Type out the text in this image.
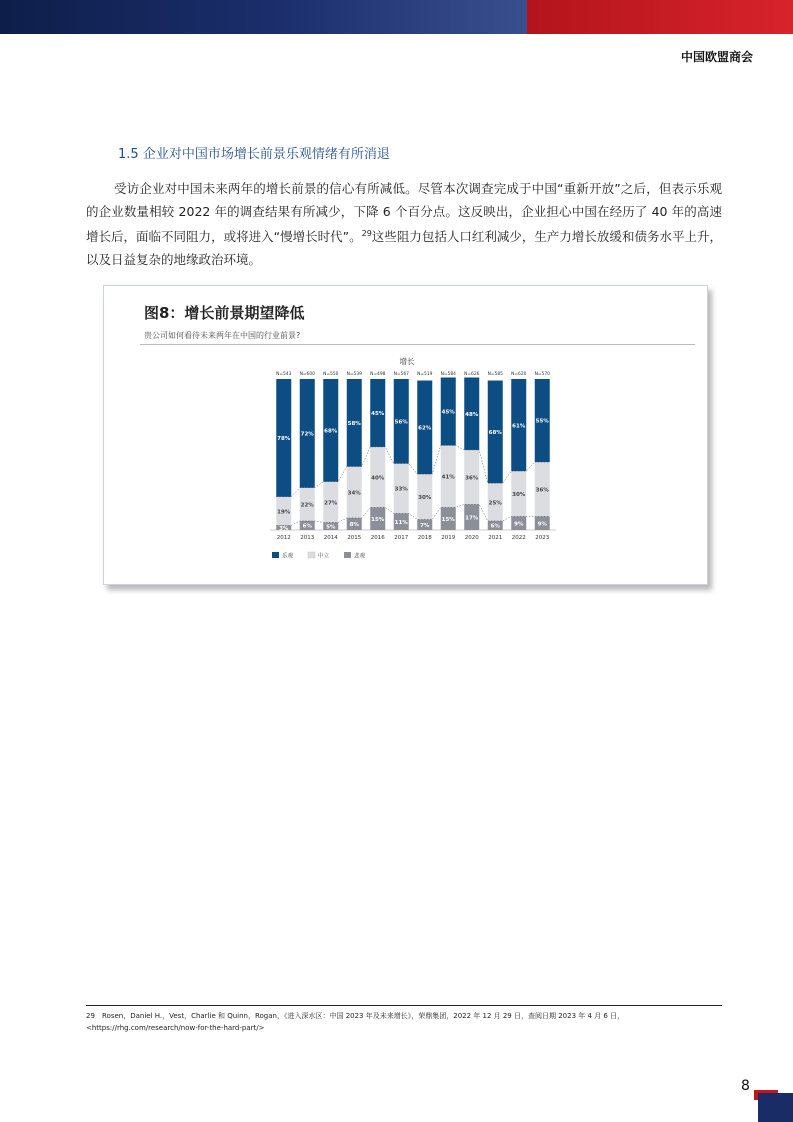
中国欧盟商会
1.5 企业对中国市场增长前景乐观情绪有所消退

受访企业对中国未来两年的增长前景的信心有所减低。尽管本次调查完成于中国“重新开放”之后，但表示乐观的企业数量相较 2022 年的调查结果有所减少，下降 6 个百分点。这反映出，企业担心中国在经历了 40 年的高速增长后，面临不同阻力，或将进入“慢增长时代”。$^{29}$这些阻力包括人口红利减少，生产力增长放缓和债务水平上升，以及日益复杂的地缘政治环境。

图8：增长前景期望降低
贵公司如何看待未来两年在中国的行业前景?
增长
3%
19%
78%
N=543
2012
6%
22%
72%
N=600
2013
5%
27%
68%
N=550
2014
8%
34%
58%
N=539
2015
15%
40%
45%
N=498
2016
11%
33%
56%
N=567
2017
7%
30%
62%
N=519
2018
15%
41%
45%
N=584
2019
17%
36%
48%
N=626
2020
6%
25%
68%
N=585
2021
9%
30%
61%
N=620
2022
9%
36%
55%
N=570
2023
乐观	中立	悲观
29 Rosen，Daniel H.，Vest，Charlie 和 Quinn，Rogan，《进入深水区：中国 2023 年及未来增长》，荣鼎集团，2022 年 12 月 29 日，查阅日期 2023 年 4 月 6 日，<https://rhg.com/research/now-for-the-hard-part/>
8
